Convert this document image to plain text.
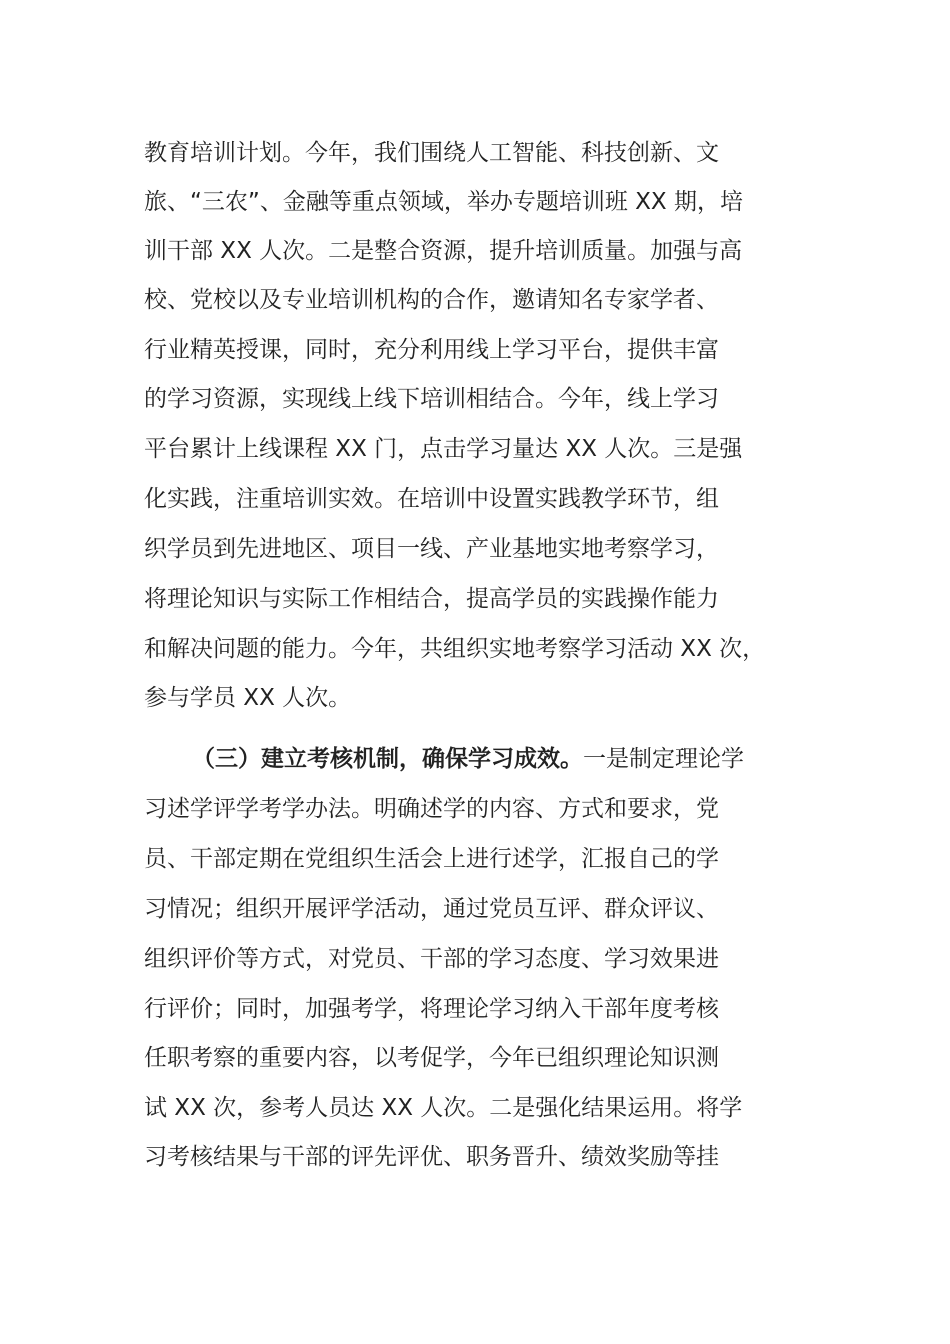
教育培训计划。今年，我们围绕人工智能、科技创新、文
旅、“三农”、金融等重点领域，举办专题培训班 XX 期，培
训干部 XX 人次。二是整合资源，提升培训质量。加强与高
校、党校以及专业培训机构的合作，邀请知名专家学者、
行业精英授课，同时，充分利用线上学习平台，提供丰富
的学习资源，实现线上线下培训相结合。今年，线上学习
平台累计上线课程 XX 门，点击学习量达 XX 人次。三是强
化实践，注重培训实效。在培训中设置实践教学环节，组
织学员到先进地区、项目一线、产业基地实地考察学习，
将理论知识与实际工作相结合，提高学员的实践操作能力
和解决问题的能力。今年，共组织实地考察学习活动 XX 次，
参与学员 XX 人次。
（三）建立考核机制，确保学习成效。一是制定理论学
习述学评学考学办法。明确述学的内容、方式和要求，党
员、干部定期在党组织生活会上进行述学，汇报自己的学
习情况；组织开展评学活动，通过党员互评、群众评议、
组织评价等方式，对党员、干部的学习态度、学习效果进
行评价；同时，加强考学，将理论学习纳入干部年度考核
任职考察的重要内容，以考促学，今年已组织理论知识测
试 XX 次，参考人员达 XX 人次。二是强化结果运用。将学
习考核结果与干部的评先评优、职务晋升、绩效奖励等挂
